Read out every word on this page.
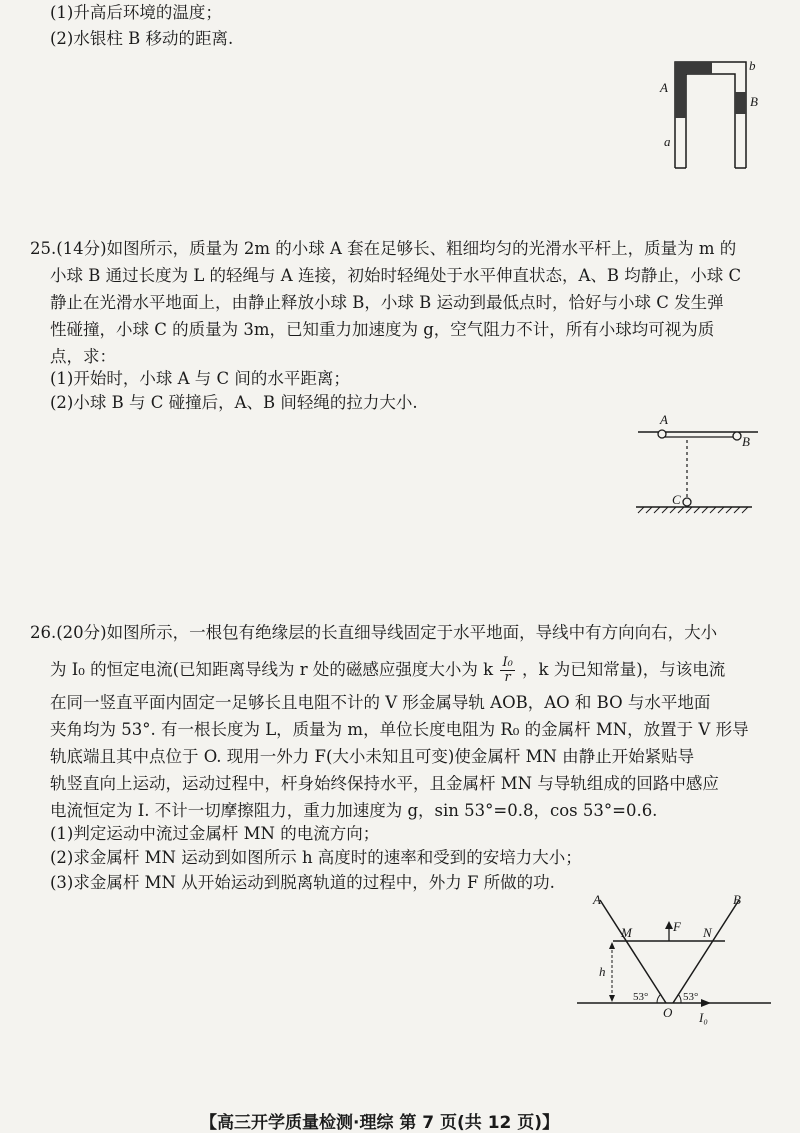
(1)升高后环境的温度；
(2)水银柱 B 移动的距离.
A
B
a
b
25.(14分)如图所示，质量为 2m 的小球 A 套在足够长、粗细均匀的光滑水平杆上，质量为 m 的
小球 B 通过长度为 L 的轻绳与 A 连接，初始时轻绳处于水平伸直状态，A、B 均静止，小球 C
静止在光滑水平地面上，由静止释放小球 B，小球 B 运动到最低点时，恰好与小球 C 发生弹
性碰撞，小球 C 的质量为 3m，已知重力加速度为 g，空气阻力不计，所有小球均可视为质
点，求：
(1)开始时，小球 A 与 C 间的水平距离；
(2)小球 B 与 C 碰撞后，A、B 间轻绳的拉力大小.
A
B
C
26.(20分)如图所示，一根包有绝缘层的长直细导线固定于水平地面，导线中有方向向右，大小
为 I₀ 的恒定电流(已知距离导线为 r 处的磁感应强度大小为 k $\frac{\text{I₀}}{r}$ ，k 为已知常量)，与该电流
在同一竖直平面内固定一足够长且电阻不计的 V 形金属导轨 AOB，AO 和 BO 与水平地面
夹角均为 53°. 有一根长度为 L，质量为 m，单位长度电阻为 R₀ 的金属杆 MN，放置于 V 形导
轨底端且其中点位于 O. 现用一外力 F(大小未知且可变)使金属杆 MN 由静止开始紧贴导
轨竖直向上运动，运动过程中，杆身始终保持水平，且金属杆 MN 与导轨组成的回路中感应
电流恒定为 I. 不计一切摩擦阻力，重力加速度为 g，sin 53°=0.8，cos 53°=0.6.
(1)判定运动中流过金属杆 MN 的电流方向；
(2)求金属杆 MN 运动到如图所示 h 高度时的速率和受到的安培力大小；
(3)求金属杆 MN 从开始运动到脱离轨道的过程中，外力 F 所做的功.
A	B
M	N
F
h
53°	53°
O I₀
【高三开学质量检测·理综 第 7 页(共 12 页)】
